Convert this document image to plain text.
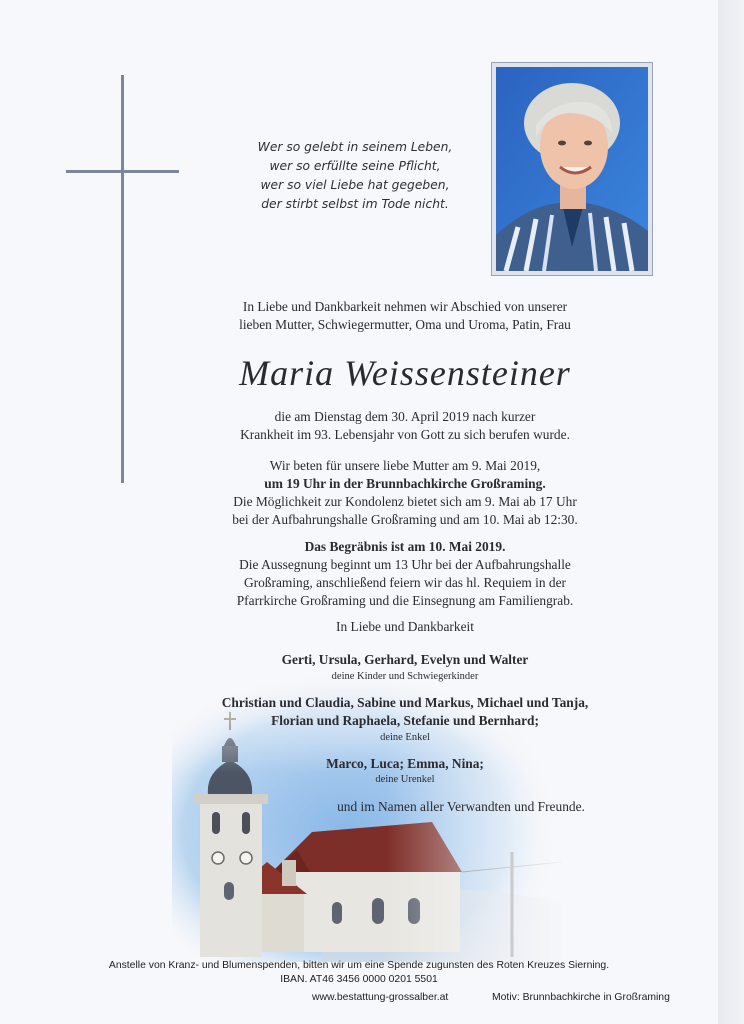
Wer so gelebt in seinem Leben,
wer so erfüllte seine Pflicht,
wer so viel Liebe hat gegeben,
der stirbt selbst im Tode nicht.
In Liebe und Dankbarkeit nehmen wir Abschied von unserer
lieben Mutter, Schwiegermutter, Oma und Uroma, Patin, Frau
Maria Weissensteiner
die am Dienstag dem 30. April 2019 nach kurzer
Krankheit im 93. Lebensjahr von Gott zu sich berufen wurde.
Wir beten für unsere liebe Mutter am 9. Mai 2019,
um 19 Uhr in der Brunnbachkirche Großraming.
Die Möglichkeit zur Kondolenz bietet sich am 9. Mai ab 17 Uhr
bei der Aufbahrungshalle Großraming und am 10. Mai ab 12:30.
Das Begräbnis ist am 10. Mai 2019.
Die Aussegnung beginnt um 13 Uhr bei der Aufbahrungshalle
Großraming, anschließend feiern wir das hl. Requiem in der
Pfarrkirche Großraming und die Einsegnung am Familiengrab.
In Liebe und Dankbarkeit
Gerti, Ursula, Gerhard, Evelyn und Walter
deine Kinder und Schwiegerkinder
Christian und Claudia, Sabine und Markus, Michael und Tanja,
Florian und Raphaela, Stefanie und Bernhard;
deine Enkel
Marco, Luca; Emma, Nina;
deine Urenkel
und im Namen aller Verwandten und Freunde.
Anstelle von Kranz- und Blumenspenden, bitten wir um eine Spende zugunsten des Roten Kreuzes Sierning.
IBAN. AT46 3456 0000 0201 5501
www.bestattung-grossalber.at	Motiv: Brunnbachkirche in Großraming
